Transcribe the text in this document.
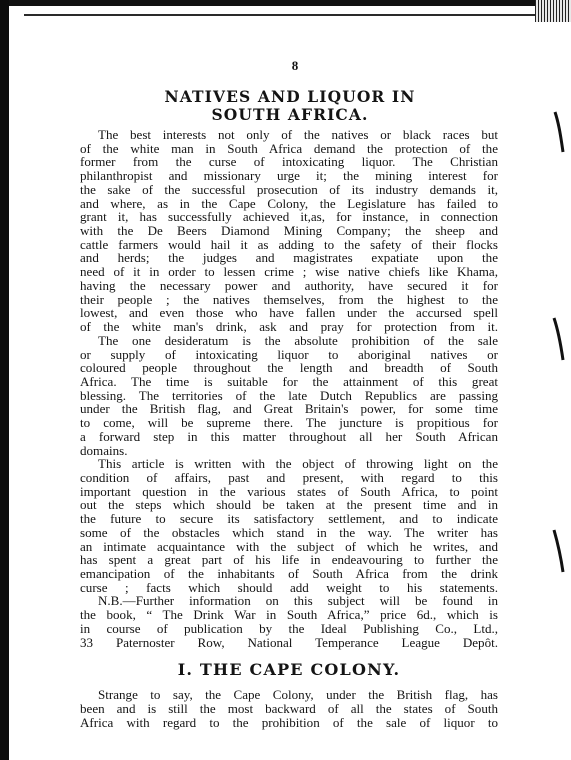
8
NATIVES AND LIQUOR IN
SOUTH AFRICA.

The best interests not only of the natives or black races but
of the white man in South Africa demand the protection of the
former from the curse of intoxicating liquor. The Christian
philanthropist and missionary urge it; the mining interest for
the sake of the successful prosecution of its industry demands it,
and where, as in the Cape Colony, the Legislature has failed to
grant it, has successfully achieved it,as, for instance, in connection
with the De Beers Diamond Mining Company; the sheep and
cattle farmers would hail it as adding to the safety of their flocks
and herds; the judges and magistrates expatiate upon the
need of it in order to lessen crime ; wise native chiefs like Khama,
having the necessary power and authority, have secured it for
their people ; the natives themselves, from the highest to the
lowest, and even those who have fallen under the accursed spell
of the white man's drink, ask and pray for protection from it.

The one desideratum is the absolute prohibition of the sale
or supply of intoxicating liquor to aboriginal natives or
coloured people throughout the length and breadth of South
Africa. The time is suitable for the attainment of this great
blessing. The territories of the late Dutch Republics are passing
under the British flag, and Great Britain's power, for some time
to come, will be supreme there. The juncture is propitious for
a forward step in this matter throughout all her South African
domains.

This article is written with the object of throwing light on the
condition of affairs, past and present, with regard to this
important question in the various states of South Africa, to point
out the steps which should be taken at the present time and in
the future to secure its satisfactory settlement, and to indicate
some of the obstacles which stand in the way. The writer has
an intimate acquaintance with the subject of which he writes, and
has spent a great part of his life in endeavouring to further the
emancipation of the inhabitants of South Africa from the drink
curse ; facts which should add weight to his statements.

N.B.—Further information on this subject will be found in
the book, “ The Drink War in South Africa,” price 6d., which is
in course of publication by the Ideal Publishing Co., Ltd.,
33 Paternoster Row, National Temperance League Depôt.

I. THE CAPE COLONY.

Strange to say, the Cape Colony, under the British flag, has
been and is still the most backward of all the states of South
Africa with regard to the prohibition of the sale of liquor to
